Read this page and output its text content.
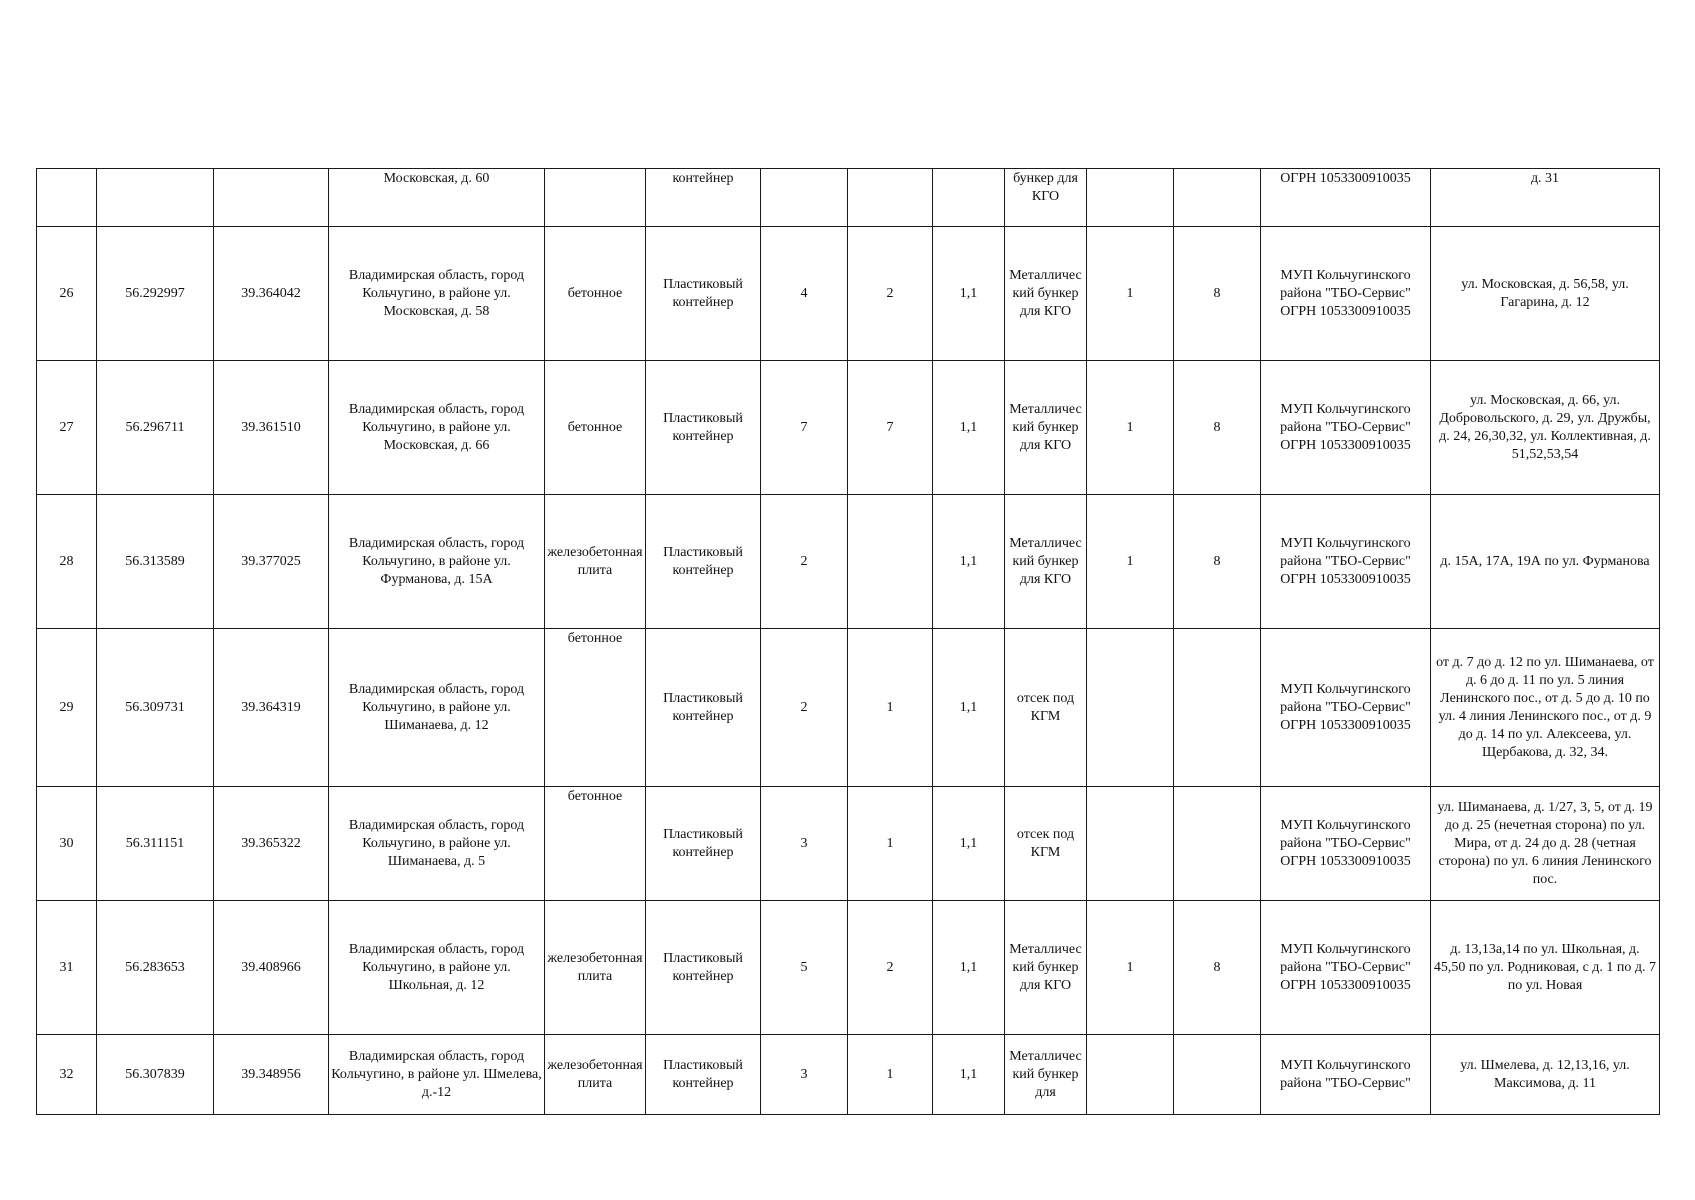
			Московская, д. 60		контейнер				бункер для КГО			ОГРН 1053300910035	д. 31
26	56.292997	39.364042	Владимирская область, город Кольчугино, в районе ул. Московская, д. 58	бетонное	Пластиковый контейнер	4	2	1,1	Металлический бункер для КГО	1	8	МУП Кольчугинского района "ТБО-Сервис" ОГРН 1053300910035	ул. Московская, д. 56,58, ул. Гагарина, д. 12
27	56.296711	39.361510	Владимирская область, город Кольчугино, в районе ул. Московская, д. 66	бетонное	Пластиковый контейнер	7	7	1,1	Металлический бункер для КГО	1	8	МУП Кольчугинского района "ТБО-Сервис" ОГРН 1053300910035	ул. Московская, д. 66, ул. Добровольского, д. 29, ул. Дружбы, д. 24, 26,30,32, ул. Коллективная, д. 51,52,53,54
28	56.313589	39.377025	Владимирская область, город Кольчугино, в районе ул. Фурманова, д. 15А	железобетонная плита	Пластиковый контейнер	2		1,1	Металлический бункер для КГО	1	8	МУП Кольчугинского района "ТБО-Сервис" ОГРН 1053300910035	д. 15А, 17А, 19А по ул. Фурманова
29	56.309731	39.364319	Владимирская область, город Кольчугино, в районе ул. Шиманаева, д. 12	бетонное	Пластиковый контейнер	2	1	1,1	отсек под КГМ			МУП Кольчугинского района "ТБО-Сервис" ОГРН 1053300910035	от д. 7 до д. 12 по ул. Шиманаева, от д. 6 до д. 11 по ул. 5 линия Ленинского пос., от д. 5 до д. 10 по ул. 4 линия Ленинского пос., от д. 9 до д. 14 по ул. Алексеева, ул. Щербакова, д. 32, 34.
30	56.311151	39.365322	Владимирская область, город Кольчугино, в районе ул. Шиманаева, д. 5	бетонное	Пластиковый контейнер	3	1	1,1	отсек под КГМ			МУП Кольчугинского района "ТБО-Сервис" ОГРН 1053300910035	ул. Шиманаева, д. 1/27, 3, 5, от д. 19 до д. 25 (нечетная сторона) по ул. Мира, от д. 24 до д. 28 (четная сторона) по ул. 6 линия Ленинского пос.
31	56.283653	39.408966	Владимирская область, город Кольчугино, в районе ул. Школьная, д. 12	железобетонная плита	Пластиковый контейнер	5	2	1,1	Металлический бункер для КГО	1	8	МУП Кольчугинского района "ТБО-Сервис" ОГРН 1053300910035	д. 13,13а,14 по ул. Школьная, д. 45,50 по ул. Родниковая, с д. 1 по д. 7 по ул. Новая
32	56.307839	39.348956	Владимирская область, город Кольчугино, в районе ул. Шмелева, д.-12	железобетонная плита	Пластиковый контейнер	3	1	1,1	Металлический бункер для			МУП Кольчугинского района "ТБО-Сервис"	ул. Шмелева, д. 12,13,16, ул. Максимова, д. 11
